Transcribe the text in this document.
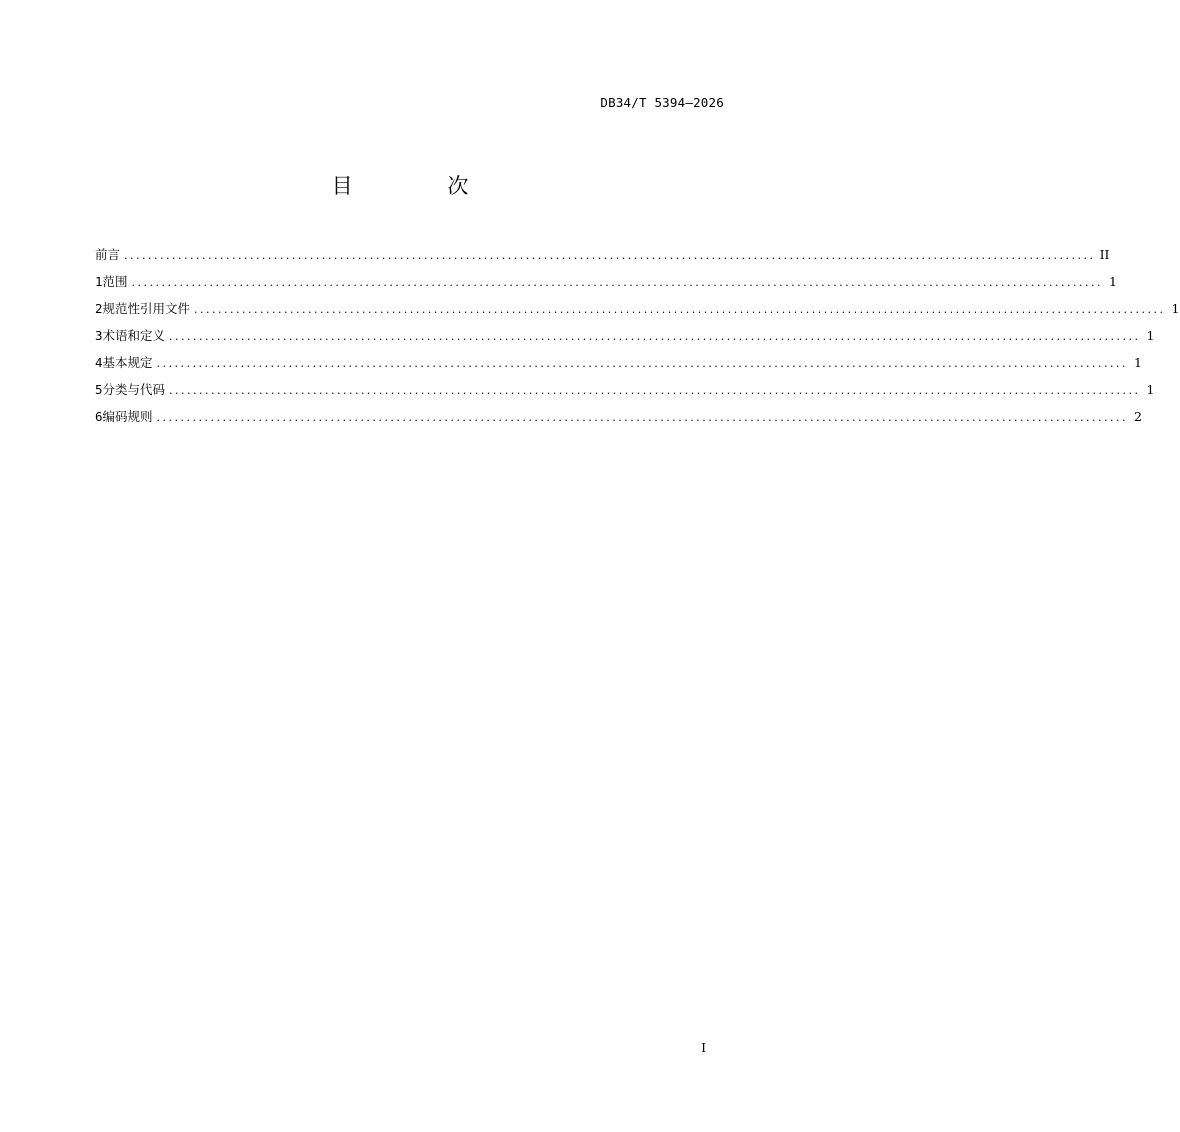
DB34/T 5394—2026
目 次
前言 .................................................................................................................................................................. II
1 范围 .................................................................................................................................................................. 1
2 规范性引用文件 .................................................................................................................................................................. 1
3 术语和定义 .................................................................................................................................................................. 1
4 基本规定 .................................................................................................................................................................. 1
5 分类与代码 .................................................................................................................................................................. 1
6 编码规则 .................................................................................................................................................................. 2
I
